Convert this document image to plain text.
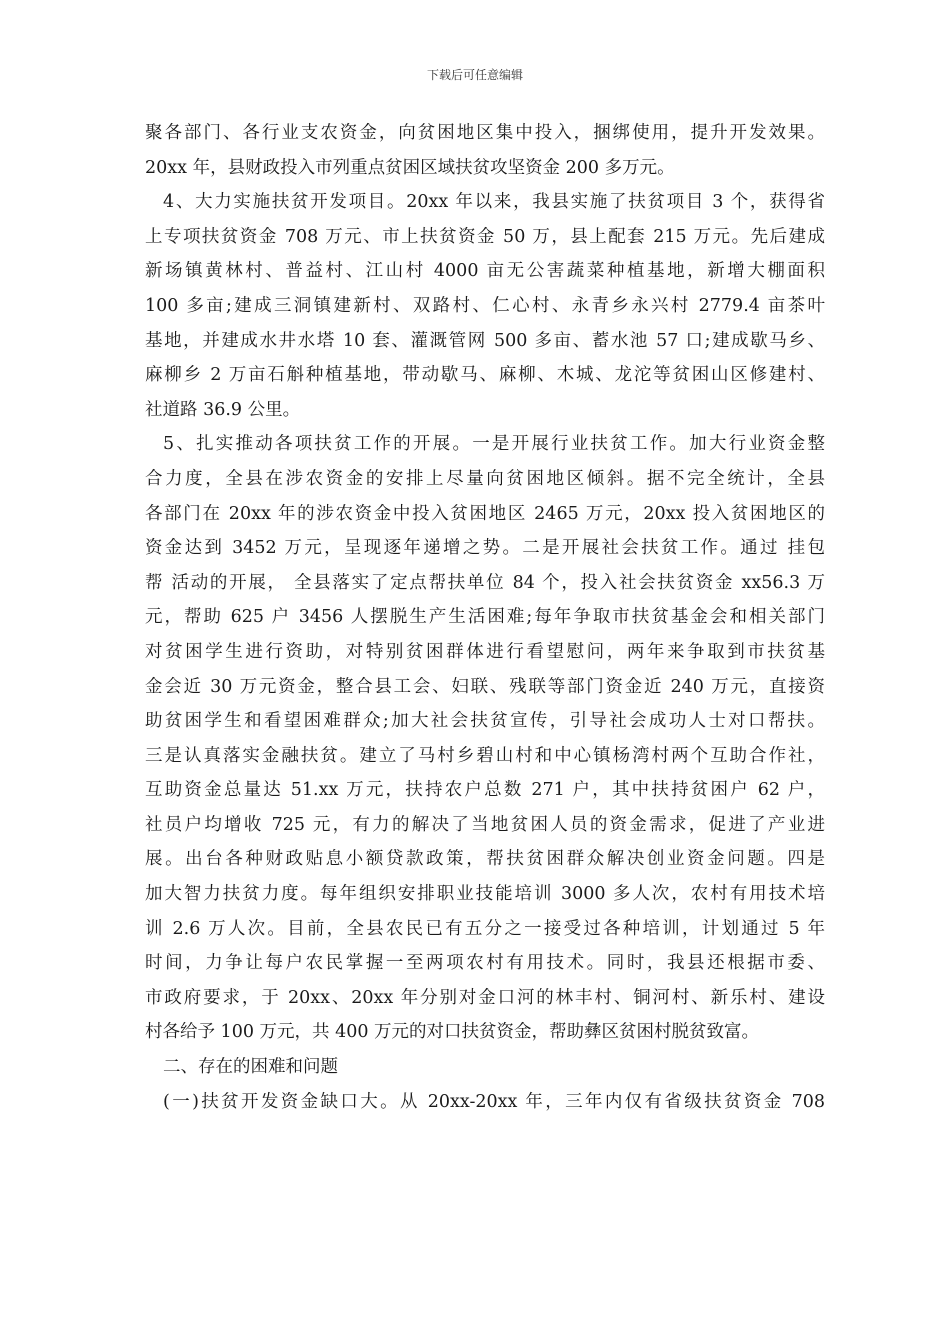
下载后可任意编辑

聚各部门、各行业支农资金，向贫困地区集中投入，捆绑使用，提升开发效果。

20xx 年，县财政投入市列重点贫困区域扶贫攻坚资金 200 多万元。

4、大力实施扶贫开发项目。20xx 年以来，我县实施了扶贫项目 3 个，获得省

上专项扶贫资金 708 万元、市上扶贫资金 50 万，县上配套 215 万元。先后建成

新场镇黄林村、普益村、江山村 4000 亩无公害蔬菜种植基地，新增大棚面积

100 多亩;建成三洞镇建新村、双路村、仁心村、永青乡永兴村 2779.4 亩茶叶

基地，并建成水井水塔 10 套、灌溉管网 500 多亩、蓄水池 57 口;建成歇马乡、

麻柳乡 2 万亩石斛种植基地，带动歇马、麻柳、木城、龙沱等贫困山区修建村、

社道路 36.9 公里。

5、扎实推动各项扶贫工作的开展。一是开展行业扶贫工作。加大行业资金整

合力度，全县在涉农资金的安排上尽量向贫困地区倾斜。据不完全统计，全县

各部门在 20xx 年的涉农资金中投入贫困地区 2465 万元，20xx 投入贫困地区的

资金达到 3452 万元，呈现逐年递增之势。二是开展社会扶贫工作。通过 挂包

帮 活动的开展， 全县落实了定点帮扶单位 84 个，投入社会扶贫资金 xx56.3 万

元，帮助 625 户 3456 人摆脱生产生活困难;每年争取市扶贫基金会和相关部门

对贫困学生进行资助，对特别贫困群体进行看望慰问，两年来争取到市扶贫基

金会近 30 万元资金，整合县工会、妇联、残联等部门资金近 240 万元，直接资

助贫困学生和看望困难群众;加大社会扶贫宣传，引导社会成功人士对口帮扶。

三是认真落实金融扶贫。建立了马村乡碧山村和中心镇杨湾村两个互助合作社，

互助资金总量达 51.xx 万元，扶持农户总数 271 户，其中扶持贫困户 62 户，

社员户均增收 725 元，有力的解决了当地贫困人员的资金需求，促进了产业进

展。出台各种财政贴息小额贷款政策，帮扶贫困群众解决创业资金问题。四是

加大智力扶贫力度。每年组织安排职业技能培训 3000 多人次，农村有用技术培

训 2.6 万人次。目前，全县农民已有五分之一接受过各种培训，计划通过 5 年

时间，力争让每户农民掌握一至两项农村有用技术。同时，我县还根据市委、

市政府要求，于 20xx、20xx 年分别对金口河的林丰村、铜河村、新乐村、建设

村各给予 100 万元，共 400 万元的对口扶贫资金，帮助彝区贫困村脱贫致富。

二、存在的困难和问题

(一)扶贫开发资金缺口大。从 20xx-20xx 年，三年内仅有省级扶贫资金 708
